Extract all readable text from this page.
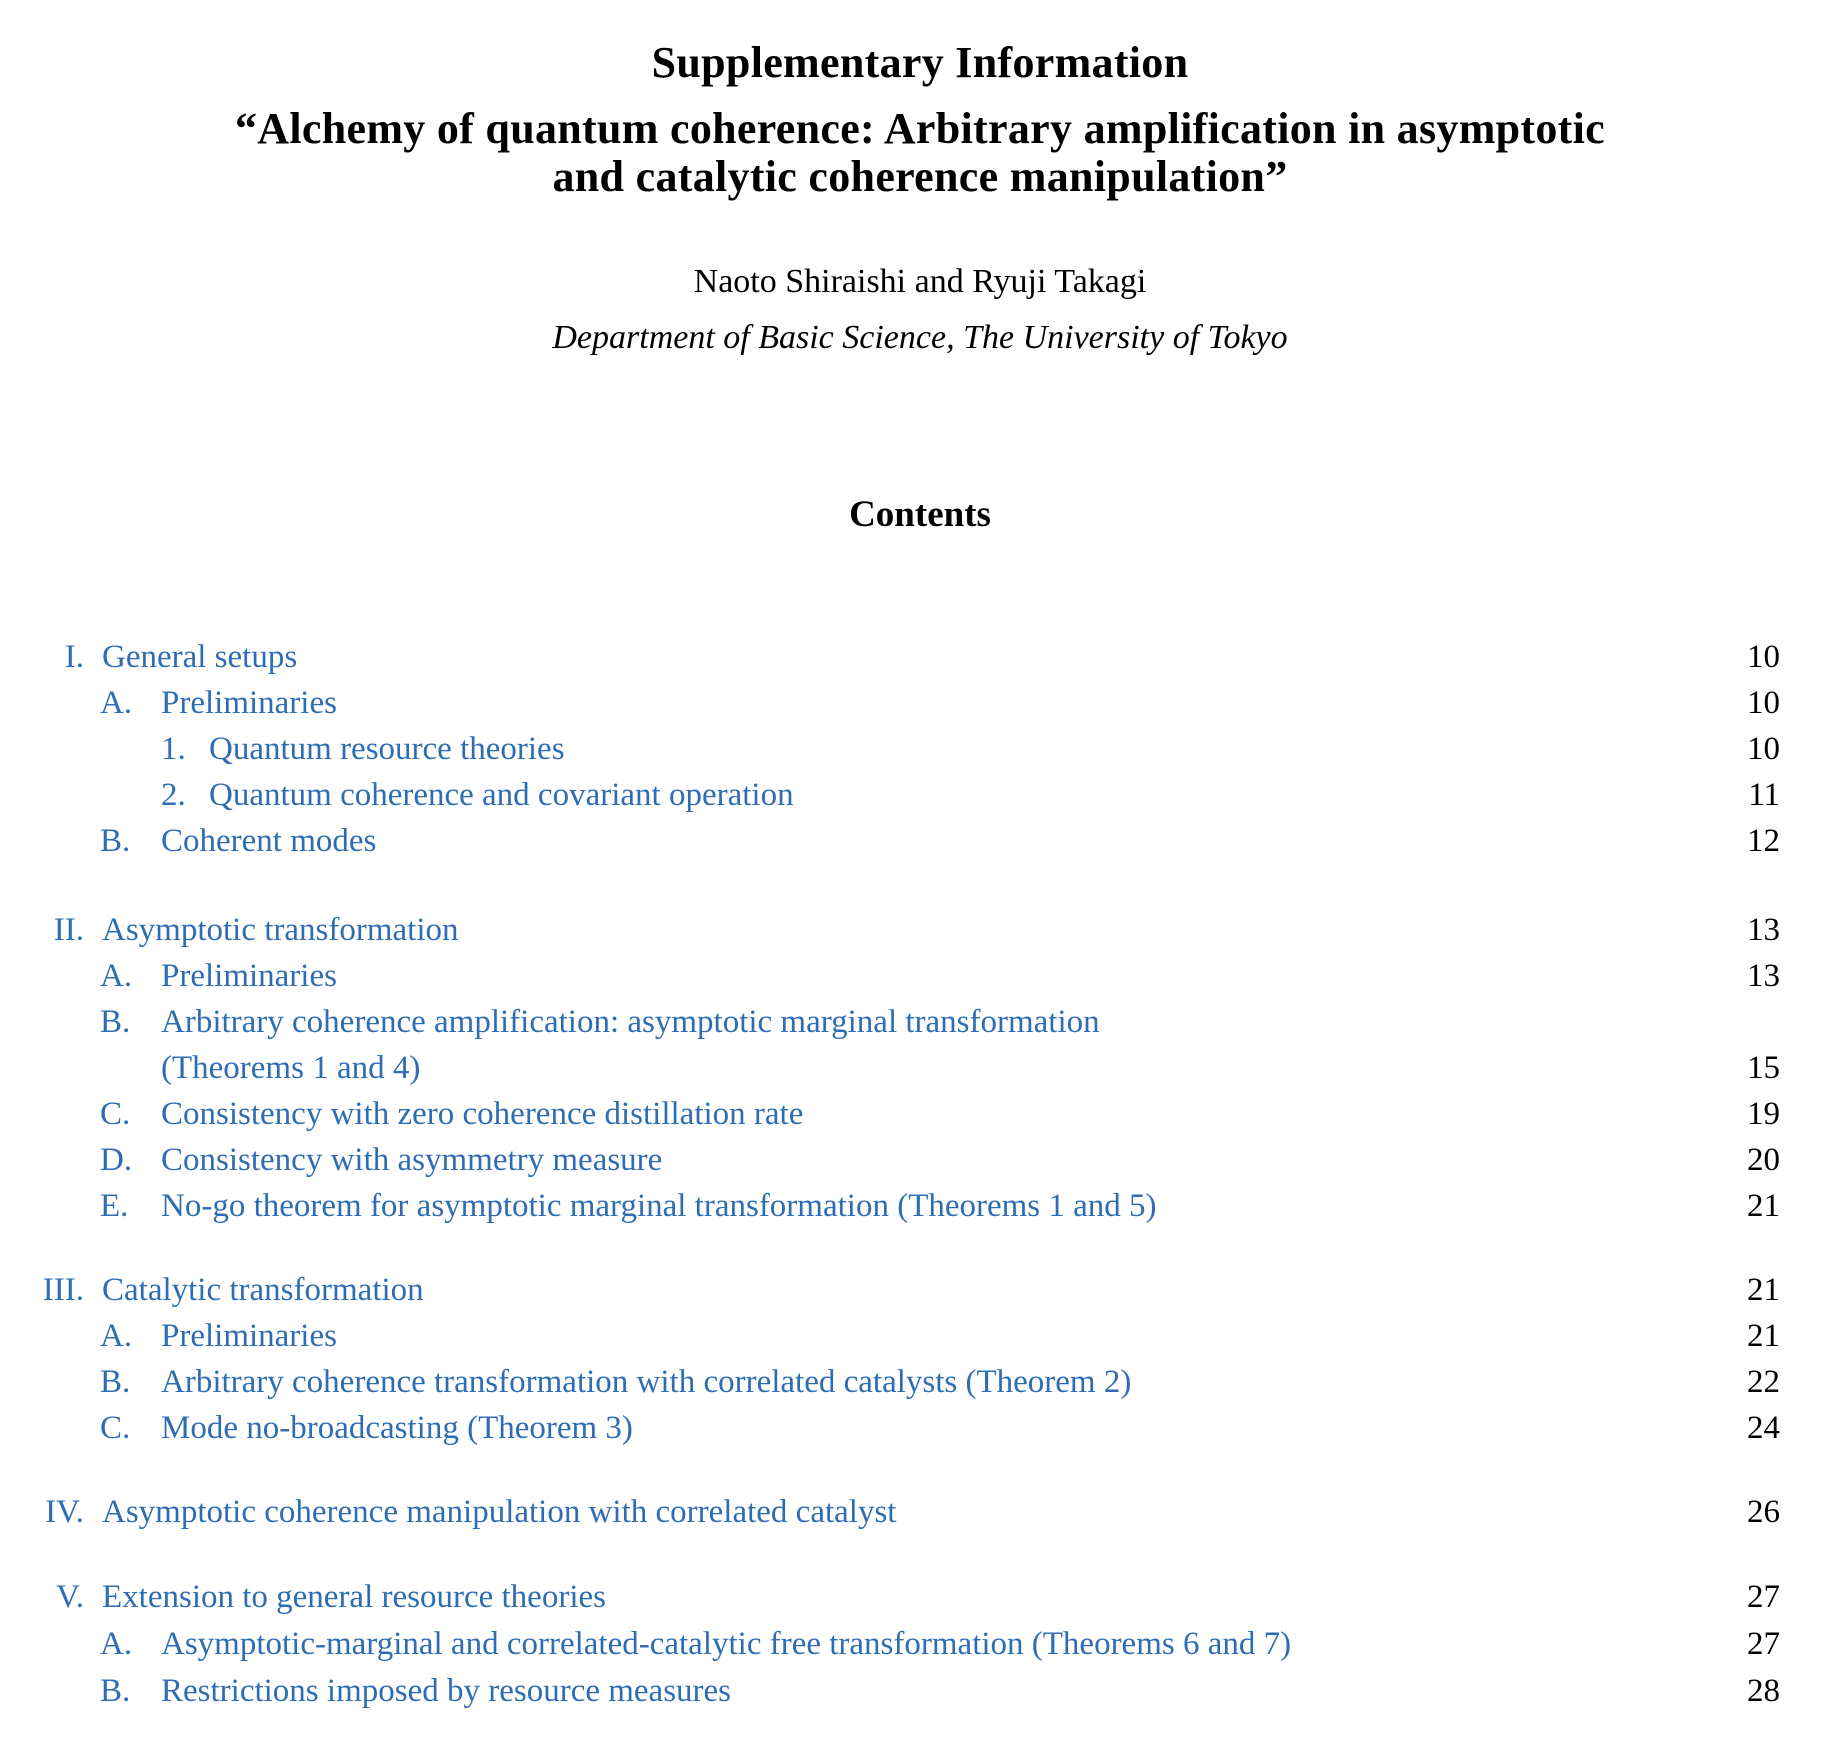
Supplementary Information
“Alchemy of quantum coherence: Arbitrary amplification in asymptotic
and catalytic coherence manipulation”
Naoto Shiraishi and Ryuji Takagi
Department of Basic Science, The University of Tokyo
Contents
I. General setups	10
A. Preliminaries	10
1. Quantum resource theories	10
2. Quantum coherence and covariant operation	11
B. Coherent modes	12
II. Asymptotic transformation	13
A. Preliminaries	13
B. Arbitrary coherence amplification: asymptotic marginal transformation
(Theorems 1 and 4)	15
C. Consistency with zero coherence distillation rate	19
D. Consistency with asymmetry measure	20
E. No-go theorem for asymptotic marginal transformation (Theorems 1 and 5)	21
III. Catalytic transformation	21
A. Preliminaries	21
B. Arbitrary coherence transformation with correlated catalysts (Theorem 2)	22
C. Mode no-broadcasting (Theorem 3)	24
IV. Asymptotic coherence manipulation with correlated catalyst	26
V. Extension to general resource theories	27
A. Asymptotic-marginal and correlated-catalytic free transformation (Theorems 6 and 7)	27
B. Restrictions imposed by resource measures	28
